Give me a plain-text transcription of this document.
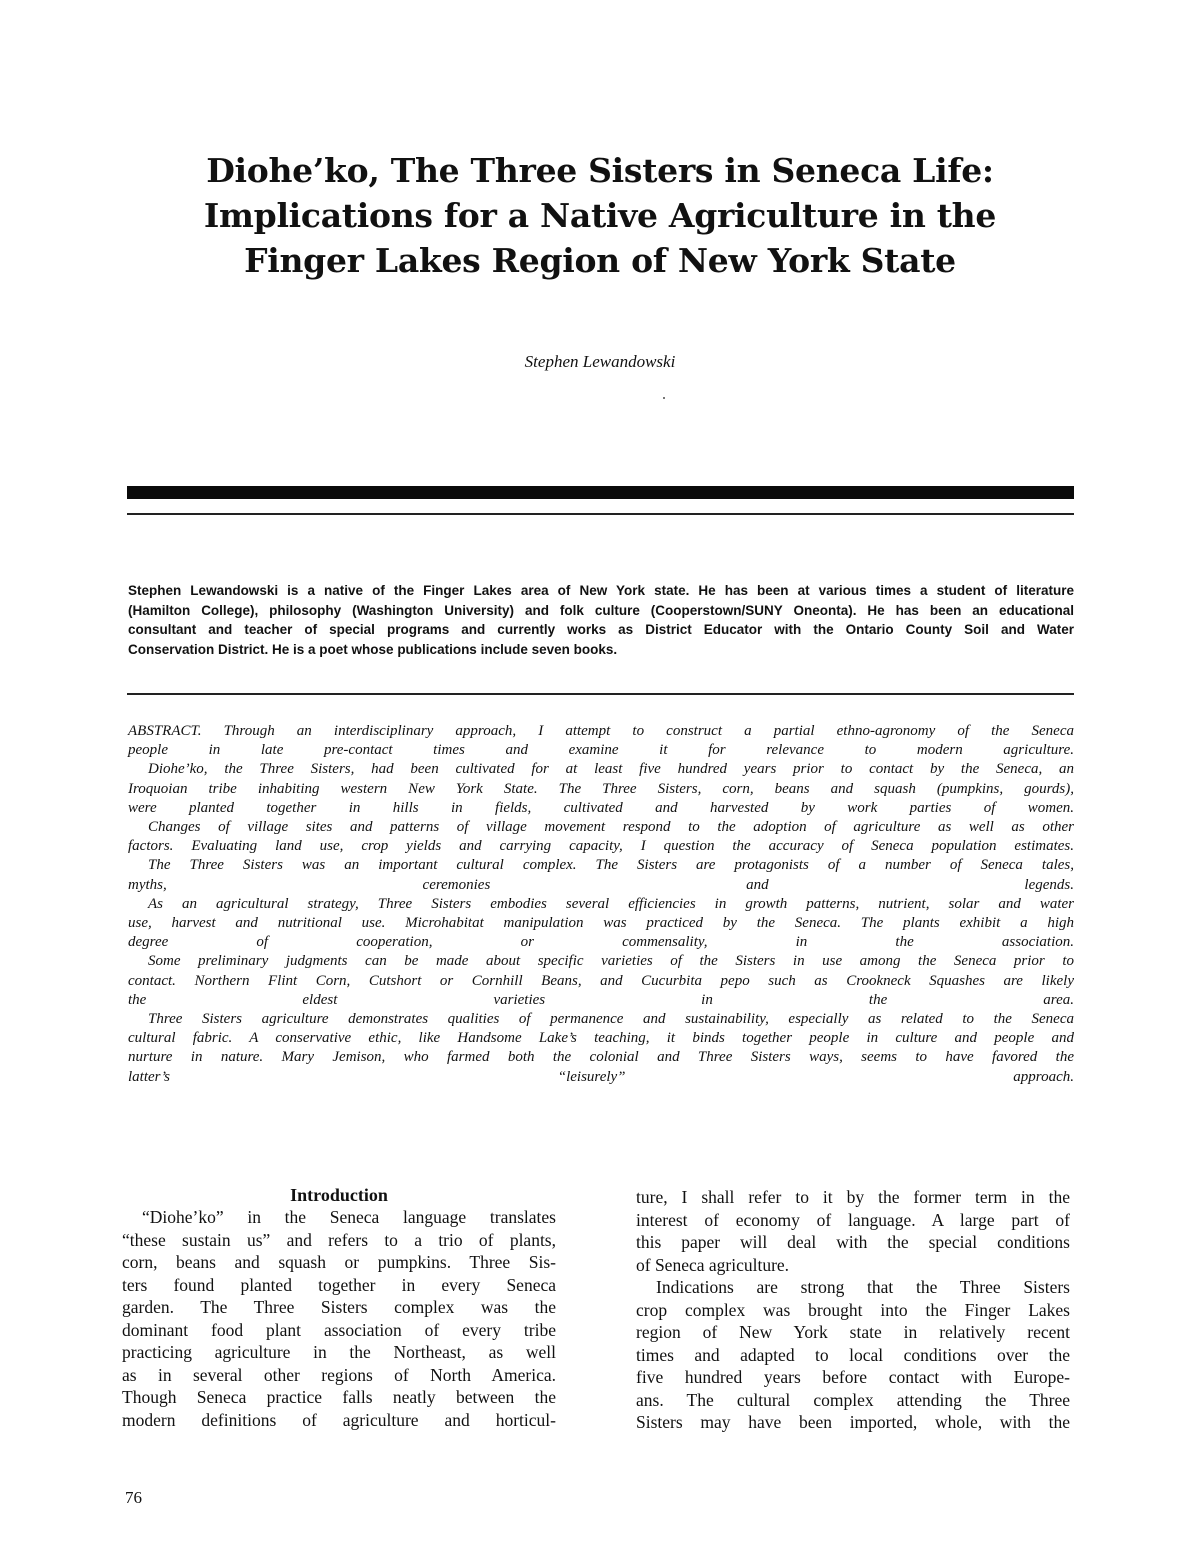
Diohe’ko, The Three Sisters in Seneca Life:
Implications for a Native Agriculture in the
Finger Lakes Region of New York State
Stephen Lewandowski
Stephen Lewandowski is a native of the Finger Lakes area of New York state. He has been at various times a student of literature
(Hamilton College), philosophy (Washington University) and folk culture (Cooperstown/SUNY Oneonta). He has been an educational
consultant and teacher of special programs and currently works as District Educator with the Ontario County Soil and Water
Conservation District. He is a poet whose publications include seven books.

ABSTRACT. Through an interdisciplinary approach, I attempt to construct a partial ethno-agronomy of the Seneca
people in late pre-contact times and examine it for relevance to modern agriculture.

Diohe’ko, the Three Sisters, had been cultivated for at least five hundred years prior to contact by the Seneca, an
Iroquoian tribe inhabiting western New York State. The Three Sisters, corn, beans and squash (pumpkins, gourds),
were planted together in hills in fields, cultivated and harvested by work parties of women.

Changes of village sites and patterns of village movement respond to the adoption of agriculture as well as other
factors. Evaluating land use, crop yields and carrying capacity, I question the accuracy of Seneca population estimates.

The Three Sisters was an important cultural complex. The Sisters are protagonists of a number of Seneca tales,
myths, ceremonies and legends.

As an agricultural strategy, Three Sisters embodies several efficiencies in growth patterns, nutrient, solar and water
use, harvest and nutritional use. Microhabitat manipulation was practiced by the Seneca. The plants exhibit a high
degree of cooperation, or commensality, in the association.

Some preliminary judgments can be made about specific varieties of the Sisters in use among the Seneca prior to
contact. Northern Flint Corn, Cutshort or Cornhill Beans, and Cucurbita pepo such as Crookneck Squashes are likely
the eldest varieties in the area.

Three Sisters agriculture demonstrates qualities of permanence and sustainability, especially as related to the Seneca
cultural fabric. A conservative ethic, like Handsome Lake’s teaching, it binds together people in culture and people and
nurture in nature. Mary Jemison, who farmed both the colonial and Three Sisters ways, seems to have favored the
latter’s “leisurely” approach.

Introduction

“Diohe’ko” in the Seneca language translates
“these sustain us” and refers to a trio of plants,
corn, beans and squash or pumpkins. Three Sis-
ters found planted together in every Seneca
garden. The Three Sisters complex was the
dominant food plant association of every tribe
practicing agriculture in the Northeast, as well
as in several other regions of North America.
Though Seneca practice falls neatly between the
modern definitions of agriculture and horticul-

ture, I shall refer to it by the former term in the
interest of economy of language. A large part of
this paper will deal with the special conditions
of Seneca agriculture.

Indications are strong that the Three Sisters
crop complex was brought into the Finger Lakes
region of New York state in relatively recent
times and adapted to local conditions over the
five hundred years before contact with Europe-
ans. The cultural complex attending the Three
Sisters may have been imported, whole, with the

76
